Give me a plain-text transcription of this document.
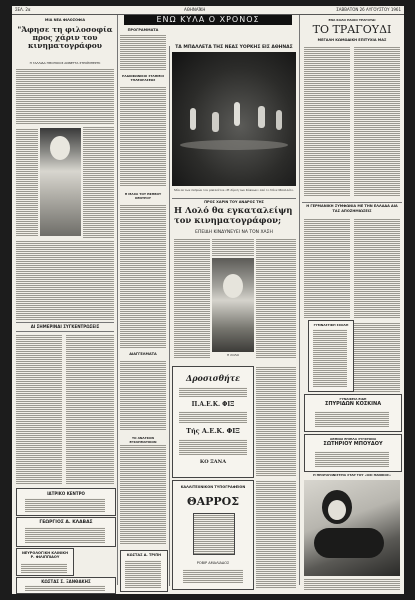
ΣΕΛ. 2α	ΑΘΗΝΑΪΚΗ	ΣΑΒΒΑΤΟΝ 26 ΑΥΓΟΥΣΤΟΥ 1961
ΜΙΑ ΝΕΑ ΦΙΛΟΣΟΦΙΑ
"Άφησε τη φιλοσοφία προς χάριν του κινηματογράφου
Η ΓΑΛΛΙΔΑ ΗΘΟΠΟΙΟΣ ΑΝΝΕΤΤΑ ΣΤΡΟΪΜΠΕΡΓΚ
ΑΙ ΣΗΜΕΡΙΝΑΙ ΣΥΓΚΕΝΤΡΩΣΕΙΣ
ΙΑΤΡΙΚΟ ΚΕΝΤΡΟ
ΓΕΩΡΓΙΟΣ Α. ΚΛΑΒΑΣ
ΝΕΥΡΟΛΟΓΙΚΗ ΚΛΙΝΙΚΗ
Ρ. ΦΙΛΙΠΠΙΔΟΥ
ΚΩΣΤΑΣ Σ. ΞΑΝΘΑΚΗΣ
ΠΡΟΓΡΑΜΜΑΤΑ
ΡΑΔΙΟΦΩΝΙΚΟΙ ΣΤΑΘΜΟΙ ΤΗΛΕΟΡΑΣΕΩΣ
Η ΜΑΧΑ ΤΟΥ ΕΦΗΒΟΥ ΚΕΝΤΡΟΥ
ΔΙΑΓΓΕΛΜΑΤΑ
ΤΟ ΑΝΑΓΚΟΝ ΕΓΚΛΗΜΑΤΙΚΟΝ
ΚΩΣΤΑΣ Δ. ΤΡΙΠΗ
ΕΝΩ ΚΥΛΑ Ο ΧΡΟΝΟΣ
ΤΑ ΜΠΑΛΛΕΤΑ ΤΗΣ ΝΕΑΣ ΥΟΡΚΗΣ ΕΙΣ ΑΘΗΝΑΣ
Μία εκ των σκηνών του μπαλλέτου «Η Λίμνη των Κύκνων» από το Νέον Μπαλλέτο.
ΠΡΟΣ ΧΑΡΙΝ ΤΟΥ ΑΝΔΡΟΣ ΤΗΣ
Η Λολό θα εγκαταλείψη τον κινηματογράφον;
ΕΠΕΙΔΗ ΚΙΝΔΥΝΕΥΕΙ ΝΑ ΤΟΝ ΧΑΣΗ
Η ΛΟΛΟ
Δροσισθήτε
Π.Α.Ε.Κ. ΦΙΞ
Τής Α.Ε.Κ. ΦΙΞ
ΚΟ ΞΑΝΑ
ΚΑΛΛΙΤΕΧΝΙΚΟΝ ΤΥΠΟΓΡΑΦΕΙΟΝ
ΘΑΡΡΟΣ
ΡΟΒΙΡ ΑΜΑΛΙΑΔΟΣ
ΕΝΑ ΚΑΛΟ ΠΑΛΙΟ ΤΡΑΓΟΥΔΙ
ΤΟ ΤΡΑΓΟΥΔΙ
ΜΕΓΑΛΗ ΚΩΜΩΔΙΚΗ ΕΠΙΤΥΧΙΑ ΜΑΣ
Η ΓΕΡΜΑΝΙΚΗ ΣΥΜΦΩΝΙΑ ΜΕ ΤΗΝ ΕΛΛΑΔΑ ΔΙΑ ΤΑΣ ΑΠΟΖΗΜΙΩΣΕΙΣ
ΓΥΜΝΑΣΤΙΚΗ ΣΧΟΛΗ
ΓΥΝΑΙΚΕΙΑ ΕΙΔΗ
ΣΠΥΡΙΔΩΝ ΚΟΣΚΙΝΑ
ΑΘΗΝΑΙ ΕΠΙΠΛΑ ΣΥΓΧΡΟΝΑ
ΣΩΤΗΡΙΟΥ ΜΠΟΥΔΟΥ
Η ΠΡΩΤΑΓΩΝΙΣΤΡΙΑ ΣΤΑΡ ΤΟΥ «ΟΧΙ ΠΑΝΙΚΟΣ»
